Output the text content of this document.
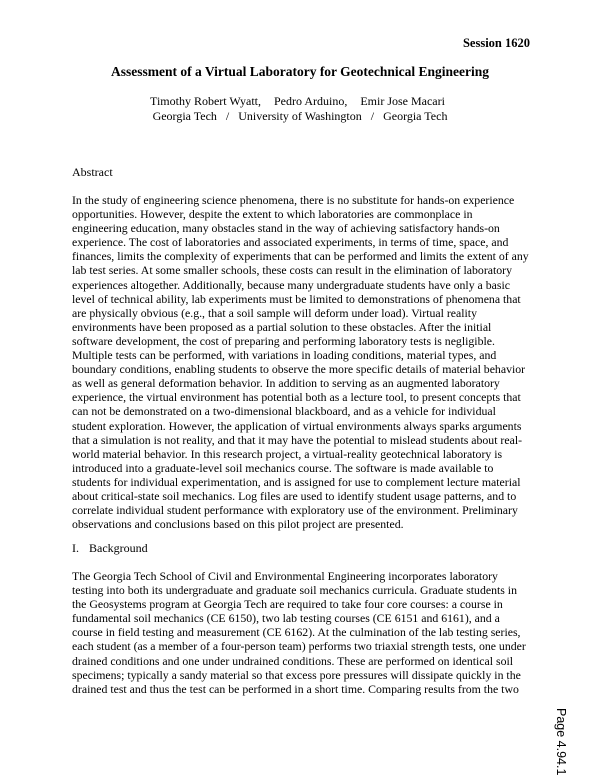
Session 1620
Assessment of a Virtual Laboratory for Geotechnical Engineering
Timothy Robert Wyatt, Pedro Arduino, Emir Jose Macari
Georgia Tech / University of Washington / Georgia Tech
Abstract
In the study of engineering science phenomena, there is no substitute for hands-on experience
opportunities. However, despite the extent to which laboratories are commonplace in
engineering education, many obstacles stand in the way of achieving satisfactory hands-on
experience. The cost of laboratories and associated experiments, in terms of time, space, and
finances, limits the complexity of experiments that can be performed and limits the extent of any
lab test series. At some smaller schools, these costs can result in the elimination of laboratory
experiences altogether. Additionally, because many undergraduate students have only a basic
level of technical ability, lab experiments must be limited to demonstrations of phenomena that
are physically obvious (e.g., that a soil sample will deform under load). Virtual reality
environments have been proposed as a partial solution to these obstacles. After the initial
software development, the cost of preparing and performing laboratory tests is negligible.
Multiple tests can be performed, with variations in loading conditions, material types, and
boundary conditions, enabling students to observe the more specific details of material behavior
as well as general deformation behavior. In addition to serving as an augmented laboratory
experience, the virtual environment has potential both as a lecture tool, to present concepts that
can not be demonstrated on a two-dimensional blackboard, and as a vehicle for individual
student exploration. However, the application of virtual environments always sparks arguments
that a simulation is not reality, and that it may have the potential to mislead students about real-
world material behavior. In this research project, a virtual-reality geotechnical laboratory is
introduced into a graduate-level soil mechanics course. The software is made available to
students for individual experimentation, and is assigned for use to complement lecture material
about critical-state soil mechanics. Log files are used to identify student usage patterns, and to
correlate individual student performance with exploratory use of the environment. Preliminary
observations and conclusions based on this pilot project are presented.
I. Background
The Georgia Tech School of Civil and Environmental Engineering incorporates laboratory
testing into both its undergraduate and graduate soil mechanics curricula. Graduate students in
the Geosystems program at Georgia Tech are required to take four core courses: a course in
fundamental soil mechanics (CE 6150), two lab testing courses (CE 6151 and 6161), and a
course in field testing and measurement (CE 6162). At the culmination of the lab testing series,
each student (as a member of a four-person team) performs two triaxial strength tests, one under
drained conditions and one under undrained conditions. These are performed on identical soil
specimens; typically a sandy material so that excess pore pressures will dissipate quickly in the
drained test and thus the test can be performed in a short time. Comparing results from the two
Page 4.94.1
